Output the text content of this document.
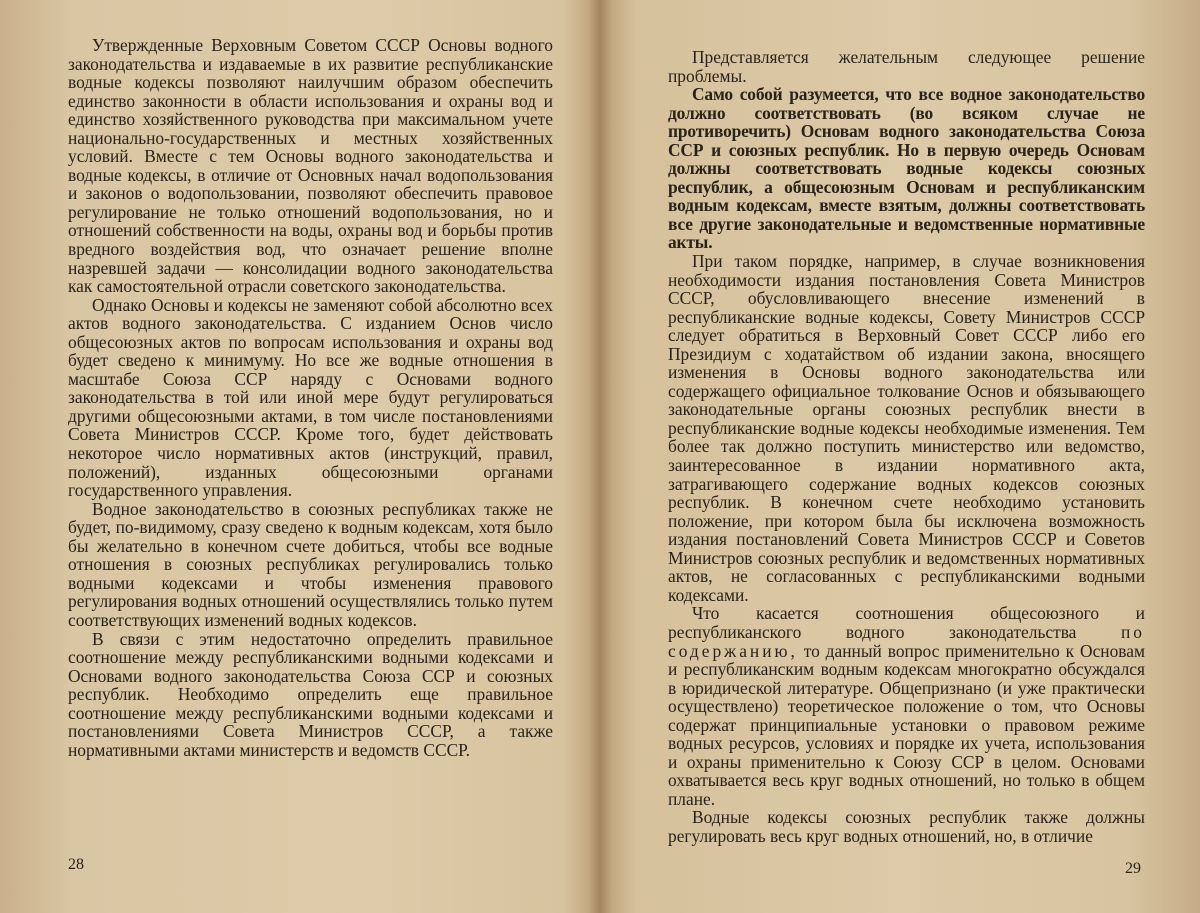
Утвержденные Верховным Советом СССР Основы водного законодательства и издаваемые в их развитие республиканские водные кодексы позволяют наилучшим образом обеспечить единство законности в области использования и охраны вод и единство хозяйственного руководства при максимальном учете национально-государственных и местных хозяйственных условий. Вместе с тем Основы водного законодательства и водные кодексы, в отличие от Основных начал водопользования и законов о водопользовании, позволяют обеспечить правовое регулирование не только отношений водопользования, но и отношений собственности на воды, охраны вод и борьбы против вредного воздействия вод, что означает решение вполне назревшей задачи — консолидации водного законодательства как самостоятельной отрасли советского законодательства.

Однако Основы и кодексы не заменяют собой абсолютно всех актов водного законодательства. С изданием Основ число общесоюзных актов по вопросам использования и охраны вод будет сведено к минимуму. Но все же водные отношения в масштабе Союза ССР наряду с Основами водного законодательства в той или иной мере будут регулироваться другими общесоюзными актами, в том числе постановлениями Совета Министров СССР. Кроме того, будет действовать некоторое число нормативных актов (инструкций, правил, положений), изданных общесоюзными органами государственного управления.

Водное законодательство в союзных республиках также не будет, по-видимому, сразу сведено к водным кодексам, хотя было бы желательно в конечном счете добиться, чтобы все водные отношения в союзных республиках регулировались только водными кодексами и чтобы изменения правового регулирования водных отношений осуществлялись только путем соответствующих изменений водных кодексов.

В связи с этим недостаточно определить правильное соотношение между республиканскими водными кодексами и Основами водного законодательства Союза ССР и союзных республик. Необходимо определить еще правильное соотношение между республиканскими водными кодексами и постановлениями Совета Министров СССР, а также нормативными актами министерств и ведомств СССР.

28

Представляется желательным следующее решение проблемы.

Само собой разумеется, что все водное законодательство должно соответствовать (во всяком случае не противоречить) Основам водного законодательства Союза ССР и союзных республик. Но в первую очередь Основам должны соответствовать водные кодексы союзных республик, а общесоюзным Основам и республиканским водным кодексам, вместе взятым, должны соответствовать все другие законодательные и ведомственные нормативные акты.

При таком порядке, например, в случае возникновения необходимости издания постановления Совета Министров СССР, обусловливающего внесение изменений в республиканские водные кодексы, Совету Министров СССР следует обратиться в Верховный Совет СССР либо его Президиум с ходатайством об издании закона, вносящего изменения в Основы водного законодательства или содержащего официальное толкование Основ и обязывающего законодательные органы союзных республик внести в республиканские водные кодексы необходимые изменения. Тем более так должно поступить министерство или ведомство, заинтересованное в издании нормативного акта, затрагивающего содержание водных кодексов союзных республик. В конечном счете необходимо установить положение, при котором была бы исключена возможность издания постановлений Совета Министров СССР и Советов Министров союзных республик и ведомственных нормативных актов, не согласованных с республиканскими водными кодексами.

Что касается соотношения общесоюзного и республиканского водного законодательства	по содержанию, то данный вопрос применительно к Основам и республиканским водным кодексам многократно обсуждался в юридической литературе. Общепризнано (и уже практически осуществлено) теоретическое положение о том, что Основы содержат принципиальные установки о правовом режиме водных ресурсов, условиях и порядке их учета, использования и охраны применительно к Союзу ССР в целом. Основами охватывается весь круг водных отношений, но только в общем плане.

Водные кодексы союзных республик также должны регулировать весь круг водных отношений, но, в отличие

29
